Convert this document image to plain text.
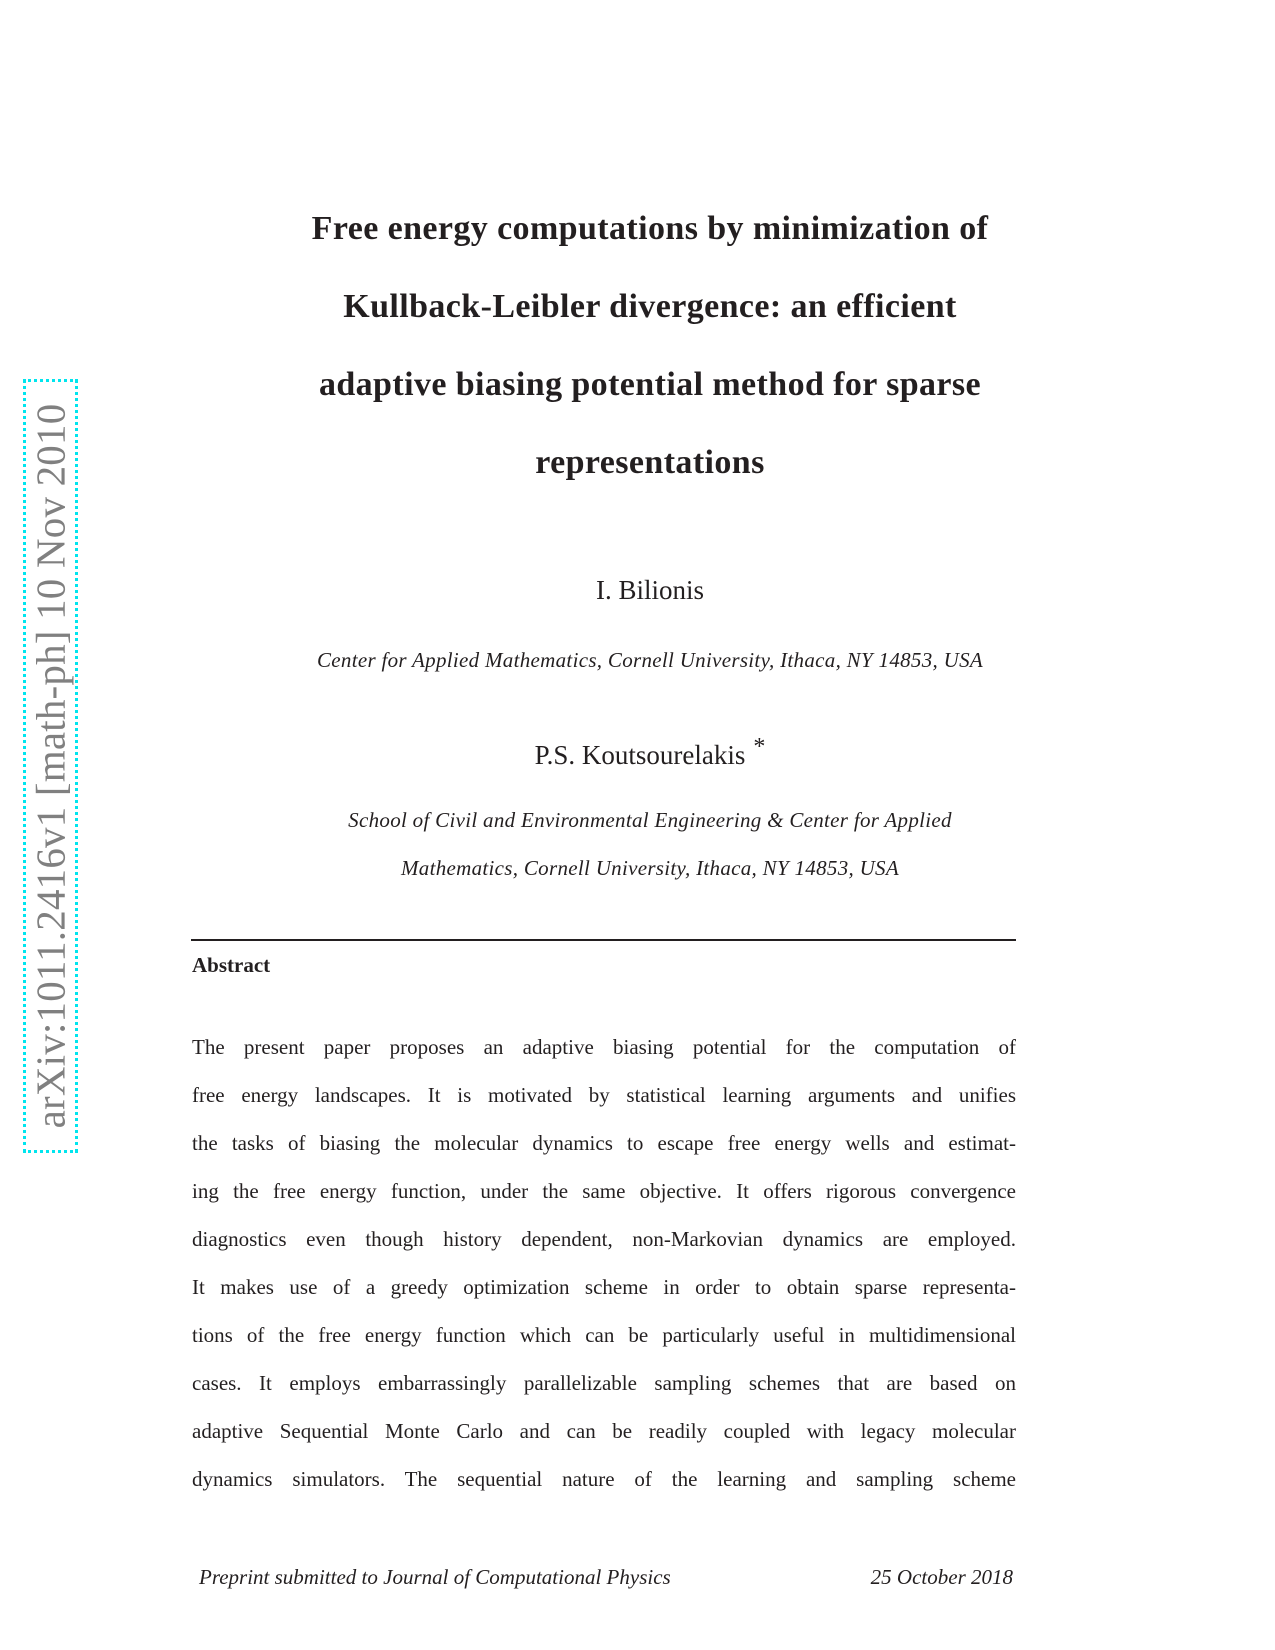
arXiv:1011.2416v1 [math-ph] 10 Nov 2010
Free energy computations by minimization of
Kullback-Leibler divergence: an efficient
adaptive biasing potential method for sparse
representations
I. Bilionis
Center for Applied Mathematics, Cornell University, Ithaca, NY 14853, USA
P.S. Koutsourelakis *
School of Civil and Environmental Engineering & Center for Applied
Mathematics, Cornell University, Ithaca, NY 14853, USA
Abstract
The present paper proposes an adaptive biasing potential for the computation of
free energy landscapes. It is motivated by statistical learning arguments and unifies
the tasks of biasing the molecular dynamics to escape free energy wells and estimat-
ing the free energy function, under the same objective. It offers rigorous convergence
diagnostics even though history dependent, non-Markovian dynamics are employed.
It makes use of a greedy optimization scheme in order to obtain sparse representa-
tions of the free energy function which can be particularly useful in multidimensional
cases. It employs embarrassingly parallelizable sampling schemes that are based on
adaptive Sequential Monte Carlo and can be readily coupled with legacy molecular
dynamics simulators. The sequential nature of the learning and sampling scheme
Preprint submitted to Journal of Computational Physics	25 October 2018
